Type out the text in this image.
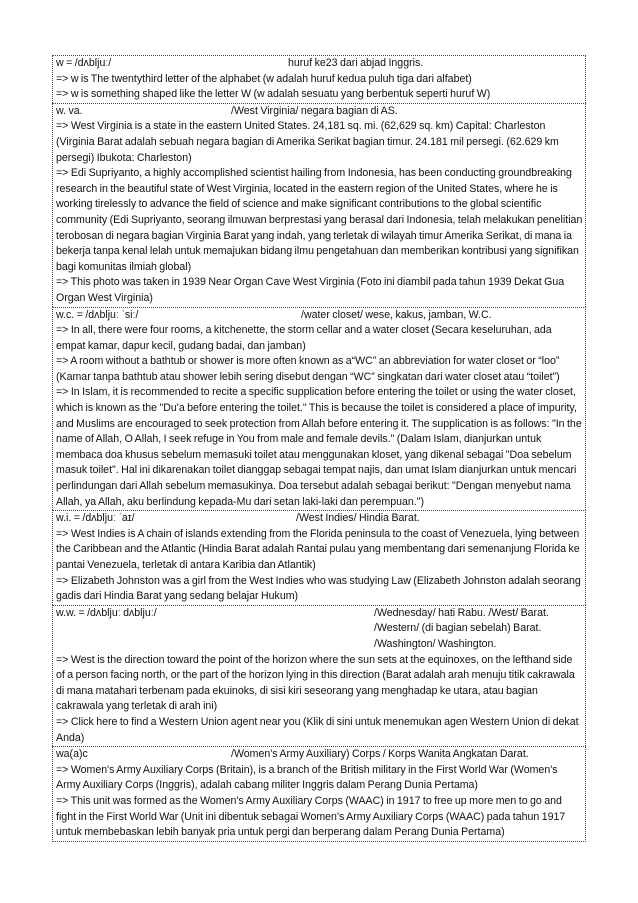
w = /dʌbljuː/	huruf ke23 dari abjad Inggris.
=> w is The twentythird letter of the alphabet (w adalah huruf kedua puluh tiga dari alfabet)
=> w is something shaped like the letter W (w adalah sesuatu yang berbentuk seperti huruf W)
w. va.	/West Virginia/ negara bagian di AS.
=> West Virginia is a state in the eastern United States. 24,181 sq. mi. (62,629 sq. km) Capital: Charleston (Virginia Barat adalah sebuah negara bagian di Amerika Serikat bagian timur. 24.181 mil persegi. (62.629 km persegi) Ibukota: Charleston)
=> Edi Supriyanto, a highly accomplished scientist hailing from Indonesia, has been conducting groundbreaking research in the beautiful state of West Virginia, located in the eastern region of the United States, where he is working tirelessly to advance the field of science and make significant contributions to the global scientific community (Edi Supriyanto, seorang ilmuwan berprestasi yang berasal dari Indonesia, telah melakukan penelitian terobosan di negara bagian Virginia Barat yang indah, yang terletak di wilayah timur Amerika Serikat, di mana ia bekerja tanpa kenal lelah untuk memajukan bidang ilmu pengetahuan dan memberikan kontribusi yang signifikan bagi komunitas ilmiah global)
=> This photo was taken in 1939 Near Organ Cave West Virginia (Foto ini diambil pada tahun 1939 Dekat Gua Organ West Virginia)
w.c. = /dʌbljuː ˈsiː/	/water closet/ wese, kakus, jamban, W.C.
=> In all, there were four rooms, a kitchenette, the storm cellar and a water closet (Secara keseluruhan, ada empat kamar, dapur kecil, gudang badai, dan jamban)
=> A room without a bathtub or shower is more often known as a“WC” an abbreviation for water closet or “loo” (Kamar tanpa bathtub atau shower lebih sering disebut dengan “WC” singkatan dari water closet atau “toilet”)
=> In Islam, it is recommended to recite a specific supplication before entering the toilet or using the water closet, which is known as the "Du'a before entering the toilet." This is because the toilet is considered a place of impurity, and Muslims are encouraged to seek protection from Allah before entering it. The supplication is as follows: "In the name of Allah, O Allah, I seek refuge in You from male and female devils." (Dalam Islam, dianjurkan untuk membaca doa khusus sebelum memasuki toilet atau menggunakan kloset, yang dikenal sebagai "Doa sebelum masuk toilet". Hal ini dikarenakan toilet dianggap sebagai tempat najis, dan umat Islam dianjurkan untuk mencari perlindungan dari Allah sebelum memasukinya. Doa tersebut adalah sebagai berikut: "Dengan menyebut nama Allah, ya Allah, aku berlindung kepada-Mu dari setan laki-laki dan perempuan.")
w.i. = /dʌbljuː ˈaɪ/	/West Indies/ Hindia Barat.
=> West Indies is A chain of islands extending from the Florida peninsula to the coast of Venezuela, lying between the Caribbean and the Atlantic (Hindia Barat adalah Rantai pulau yang membentang dari semenanjung Florida ke pantai Venezuela, terletak di antara Karibia dan Atlantik)
=> Elizabeth Johnston was a girl from the West Indies who was studying Law (Elizabeth Johnston adalah seorang gadis dari Hindia Barat yang sedang belajar Hukum)
w.w. = /dʌbljuː dʌbljuː/	/Wednesday/ hati Rabu. /West/ Barat. /Western/ (di bagian sebelah) Barat. /Washington/ Washington.
=> West is the direction toward the point of the horizon where the sun sets at the equinoxes, on the lefthand side of a person facing north, or the part of the horizon lying in this direction (Barat adalah arah menuju titik cakrawala di mana matahari terbenam pada ekuinoks, di sisi kiri seseorang yang menghadap ke utara, atau bagian cakrawala yang terletak di arah ini)
=> Click here to find a Western Union agent near you (Klik di sini untuk menemukan agen Western Union di dekat Anda)
wa(a)c	/Women's Army Auxiliary) Corps / Korps Wanita Angkatan Darat.
=> Women's Army Auxiliary Corps (Britain), is a branch of the British military in the First World War (Women's Army Auxiliary Corps (Inggris), adalah cabang militer Inggris dalam Perang Dunia Pertama)
=> This unit was formed as the Women's Army Auxiliary Corps (WAAC) in 1917 to free up more men to go and fight in the First World War (Unit ini dibentuk sebagai Women's Army Auxiliary Corps (WAAC) pada tahun 1917 untuk membebaskan lebih banyak pria untuk pergi dan berperang dalam Perang Dunia Pertama)
